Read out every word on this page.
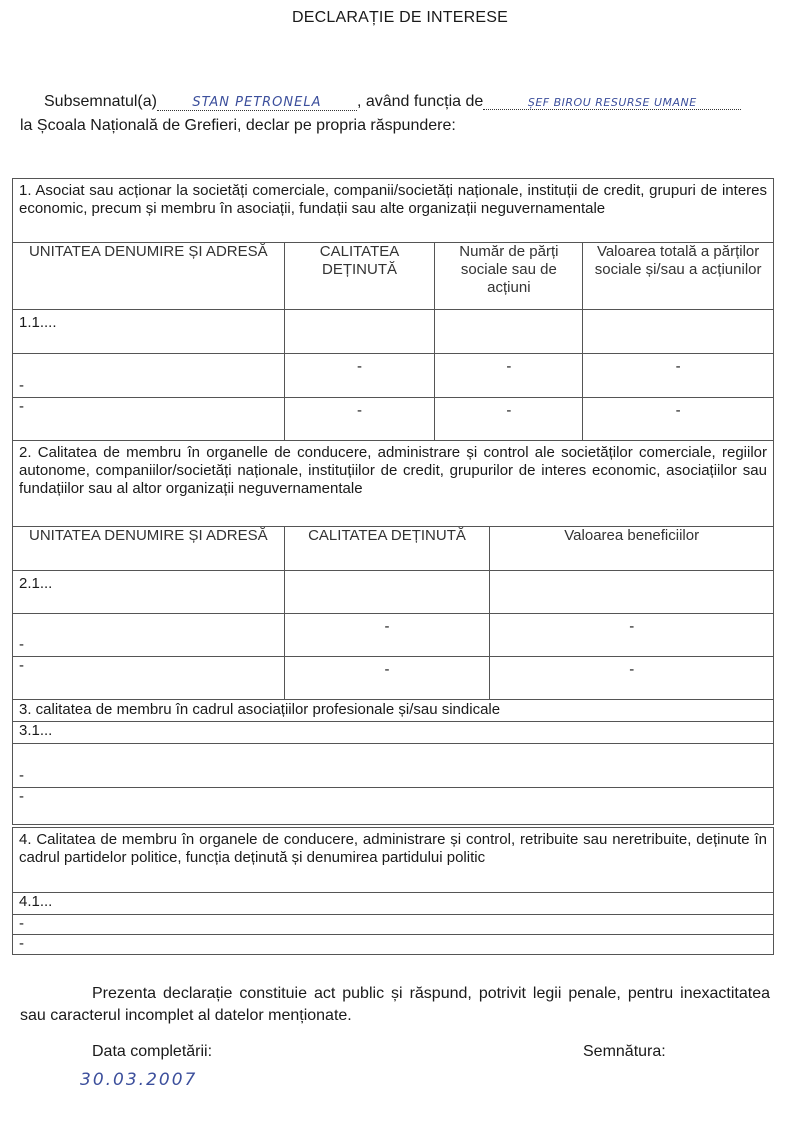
DECLARAȚIE DE INTERESE
Subsemnatul(a)	STAN PETRONELA , având funcția de	ȘEF BIROU RESURSE UMANE
la Școala Națională de Grefieri, declar pe propria răspundere:
1. Asociat sau acționar la societăți comerciale, companii/societăți naționale, instituții de credit, grupuri de interes economic, precum și membru în asociații, fundații sau alte organizații neguvernamentale			
UNITATEA DENUMIRE ȘI ADRESĂ	CALITATEA DEȚINUTĂ	Număr de părți sociale sau de acțiuni	Valoarea totală a părților sociale și/sau a acțiunilor
1.1....			
-	-	-	-
-	-	-	-
2. Calitatea de membru în organelle de conducere, administrare și control ale societăților comerciale, regiilor autonome, companiilor/societăți naționale, instituțiilor de credit, grupurilor de interes economic, asociațiilor sau fundațiilor sau al altor organizații neguvernamentale		
UNITATEA DENUMIRE ȘI ADRESĂ	CALITATEA DEȚINUTĂ	Valoarea beneficiilor
2.1...		
-	-	-
-	-	-
3. calitatea de membru în cadrul asociațiilor profesionale și/sau sindicale
3.1...
-
-
4. Calitatea de membru în organele de conducere, administrare și control, retribuite sau neretribuite, deținute în cadrul partidelor politice, funcția deținută și denumirea partidului politic
4.1...
-
-
Prezenta declarație constituie act public și răspund, potrivit legii penale, pentru inexactitatea sau caracterul incomplet al datelor menționate.
Data completării:
30.03.2007
Semnătura:
